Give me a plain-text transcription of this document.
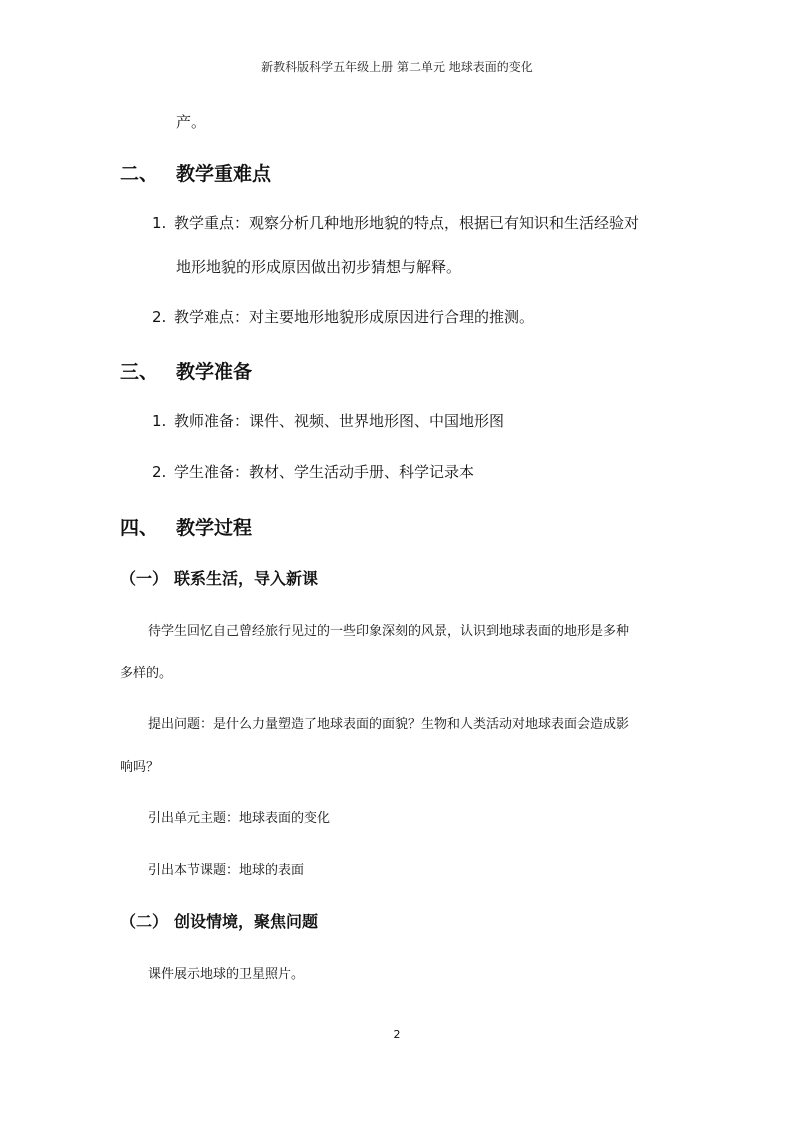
新教科版科学五年级上册 第二单元 地球表面的变化
产。
二、 教学重难点
1. 教学重点：观察分析几种地形地貌的特点，根据已有知识和生活经验对
地形地貌的形成原因做出初步猜想与解释。
2. 教学难点：对主要地形地貌形成原因进行合理的推测。
三、 教学准备
1. 教师准备：课件、视频、世界地形图、中国地形图
2. 学生准备：教材、学生活动手册、科学记录本
四、 教学过程
（一） 联系生活，导入新课
待学生回忆自己曾经旅行见过的一些印象深刻的风景，认识到地球表面的地形是多种
多样的。
提出问题：是什么力量塑造了地球表面的面貌？生物和人类活动对地球表面会造成影
响吗？
引出单元主题：地球表面的变化
引出本节课题：地球的表面
（二） 创设情境，聚焦问题
课件展示地球的卫星照片。
2
